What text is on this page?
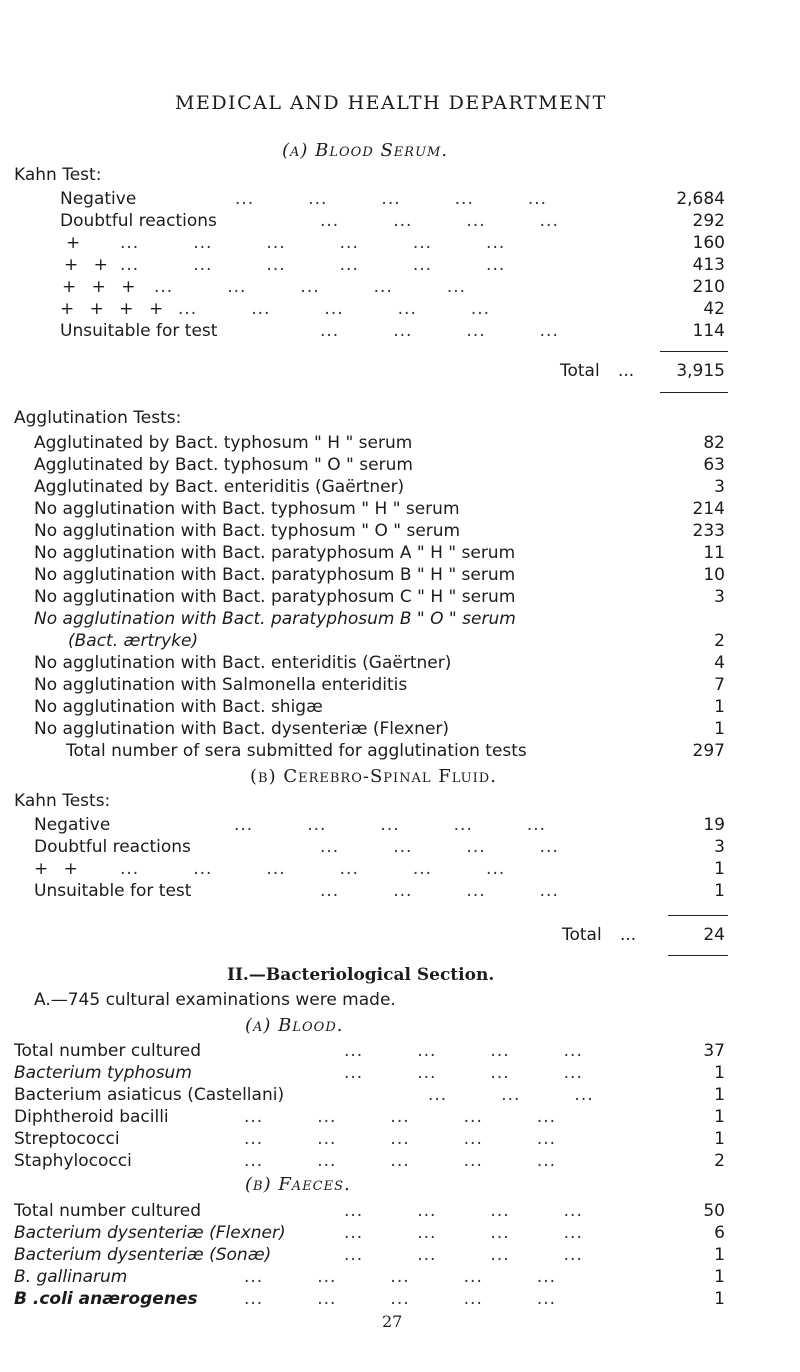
MEDICAL AND HEALTH DEPARTMENT
(a) Blood Serum.
Kahn Test:
Negative	...   ...   ...   ...   ...	2,684
Doubtful reactions	...   ...   ...   ...	292
+ ...   ...   ...   ...   ...   ...	160
+ + ...   ...   ...   ...   ...   ...	413
+ + + ...   ...   ...   ...   ...	210
+ + + + ...   ...   ...   ...   ...	42
Unsuitable for test	...   ...   ...   ...	114
Total ... 3,915
Agglutination Tests:
Agglutinated by Bact. typhosum " H " serum	82
Agglutinated by Bact. typhosum " O " serum	63
Agglutinated by Bact. enteriditis (Gaërtner)	3
No agglutination with Bact. typhosum " H " serum	214
No agglutination with Bact. typhosum " O " serum	233
No agglutination with Bact. paratyphosum A " H " serum	11
No agglutination with Bact. paratyphosum B " H " serum	10
No agglutination with Bact. paratyphosum C " H " serum	3
No agglutination with Bact. paratyphosum B " O " serum
(Bact. ærtryke)	2
No agglutination with Bact. enteriditis (Gaërtner)	4
No agglutination with Salmonella enteriditis	7
No agglutination with Bact. shigæ	1
No agglutination with Bact. dysenteriæ (Flexner)	1
Total number of sera submitted for agglutination tests	297
(b) Cerebro-Spinal Fluid.
Kahn Tests:
Negative	...   ...   ...   ...   ...	19
Doubtful reactions	...   ...   ...   ...	3
+ + ...   ...   ...   ...   ...   ...	1
Unsuitable for test	...   ...   ...   ...	1
Total ...	24
II.—Bacteriological Section.
A.—745 cultural examinations were made.
(a) Blood.
Total number cultured	...   ...   ...   ...	37
Bacterium typhosum	...   ...   ...   ...	1
Bacterium asiaticus (Castellani)	...   ...   ...	1
Diphtheroid bacilli	...   ...   ...   ...   ...	1
Streptococci	...   ...   ...   ...   ...	1
Staphylococci	...   ...   ...   ...   ...	2
(b) Faeces.
Total number cultured	...   ...   ...   ...	50
Bacterium dysenteriæ (Flexner)	...   ...   ...   ...	6
Bacterium dysenteriæ (Sonæ)	...   ...   ...   ...	1
B. gallinarum	...   ...   ...   ...   ...	1
B .coli anærogenes	...   ...   ...   ...   ...	1
27
